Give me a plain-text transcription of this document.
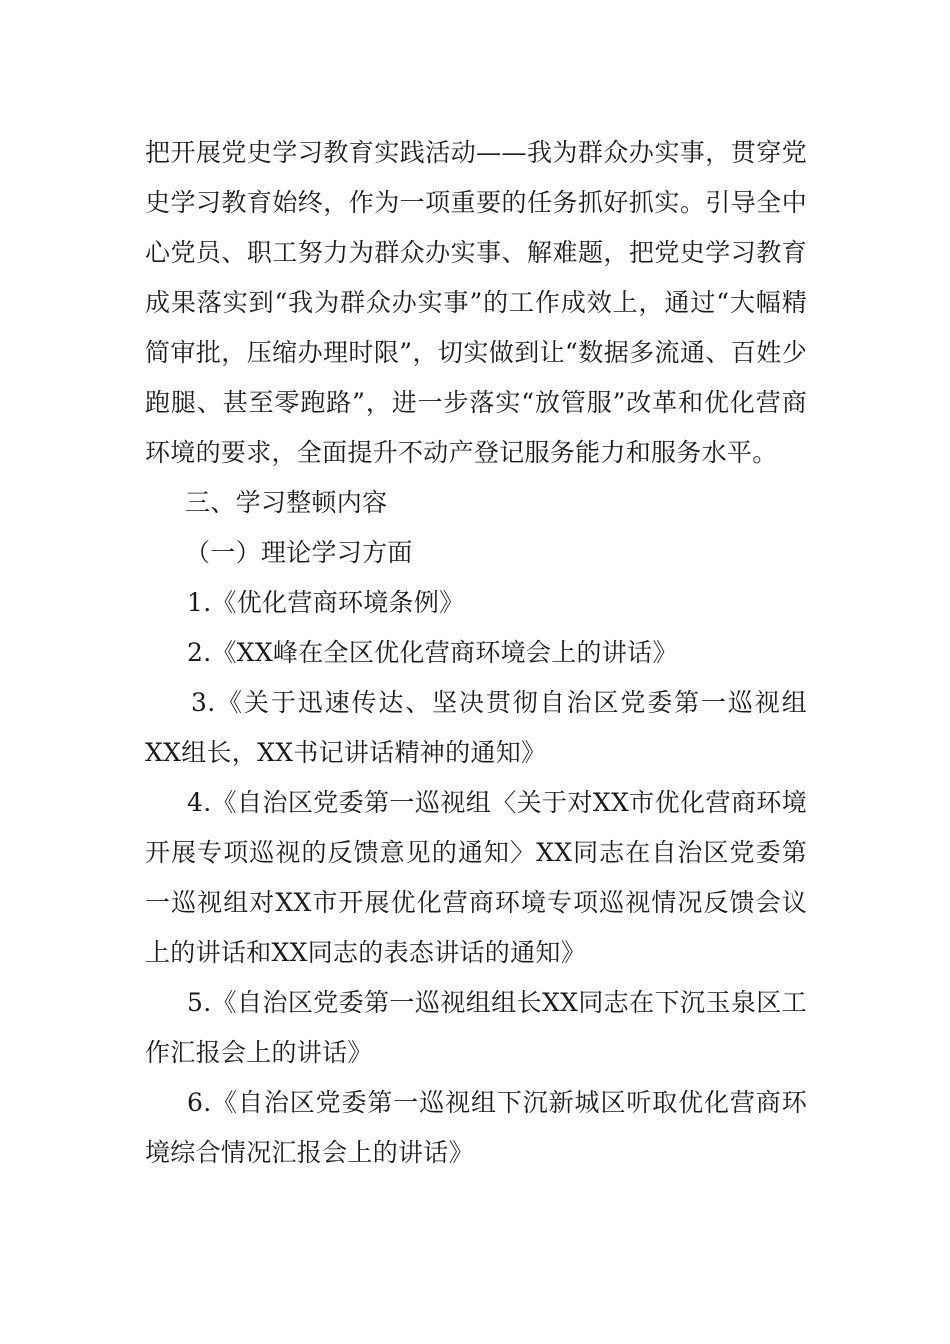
把开展党史学习教育实践活动——我为群众办实事，贯穿党史学习教育始终，作为一项重要的任务抓好抓实。引导全中心党员、职工努力为群众办实事、解难题，把党史学习教育成果落实到“我为群众办实事”的工作成效上，通过“大幅精简审批，压缩办理时限”，切实做到让“数据多流通、百姓少跑腿、甚至零跑路”，进一步落实“放管服”改革和优化营商环境的要求，全面提升不动产登记服务能力和服务水平。

三、学习整顿内容

（一）理论学习方面

1.《优化营商环境条例》

2.《XX峰在全区优化营商环境会上的讲话》

3.《关于迅速传达、坚决贯彻自治区党委第一巡视组XX组长，XX书记讲话精神的通知》

4.《自治区党委第一巡视组〈关于对XX市优化营商环境开展专项巡视的反馈意见的通知〉XX同志在自治区党委第一巡视组对XX市开展优化营商环境专项巡视情况反馈会议上的讲话和XX同志的表态讲话的通知》

5.《自治区党委第一巡视组组长XX同志在下沉玉泉区工作汇报会上的讲话》

6.《自治区党委第一巡视组下沉新城区听取优化营商环境综合情况汇报会上的讲话》
